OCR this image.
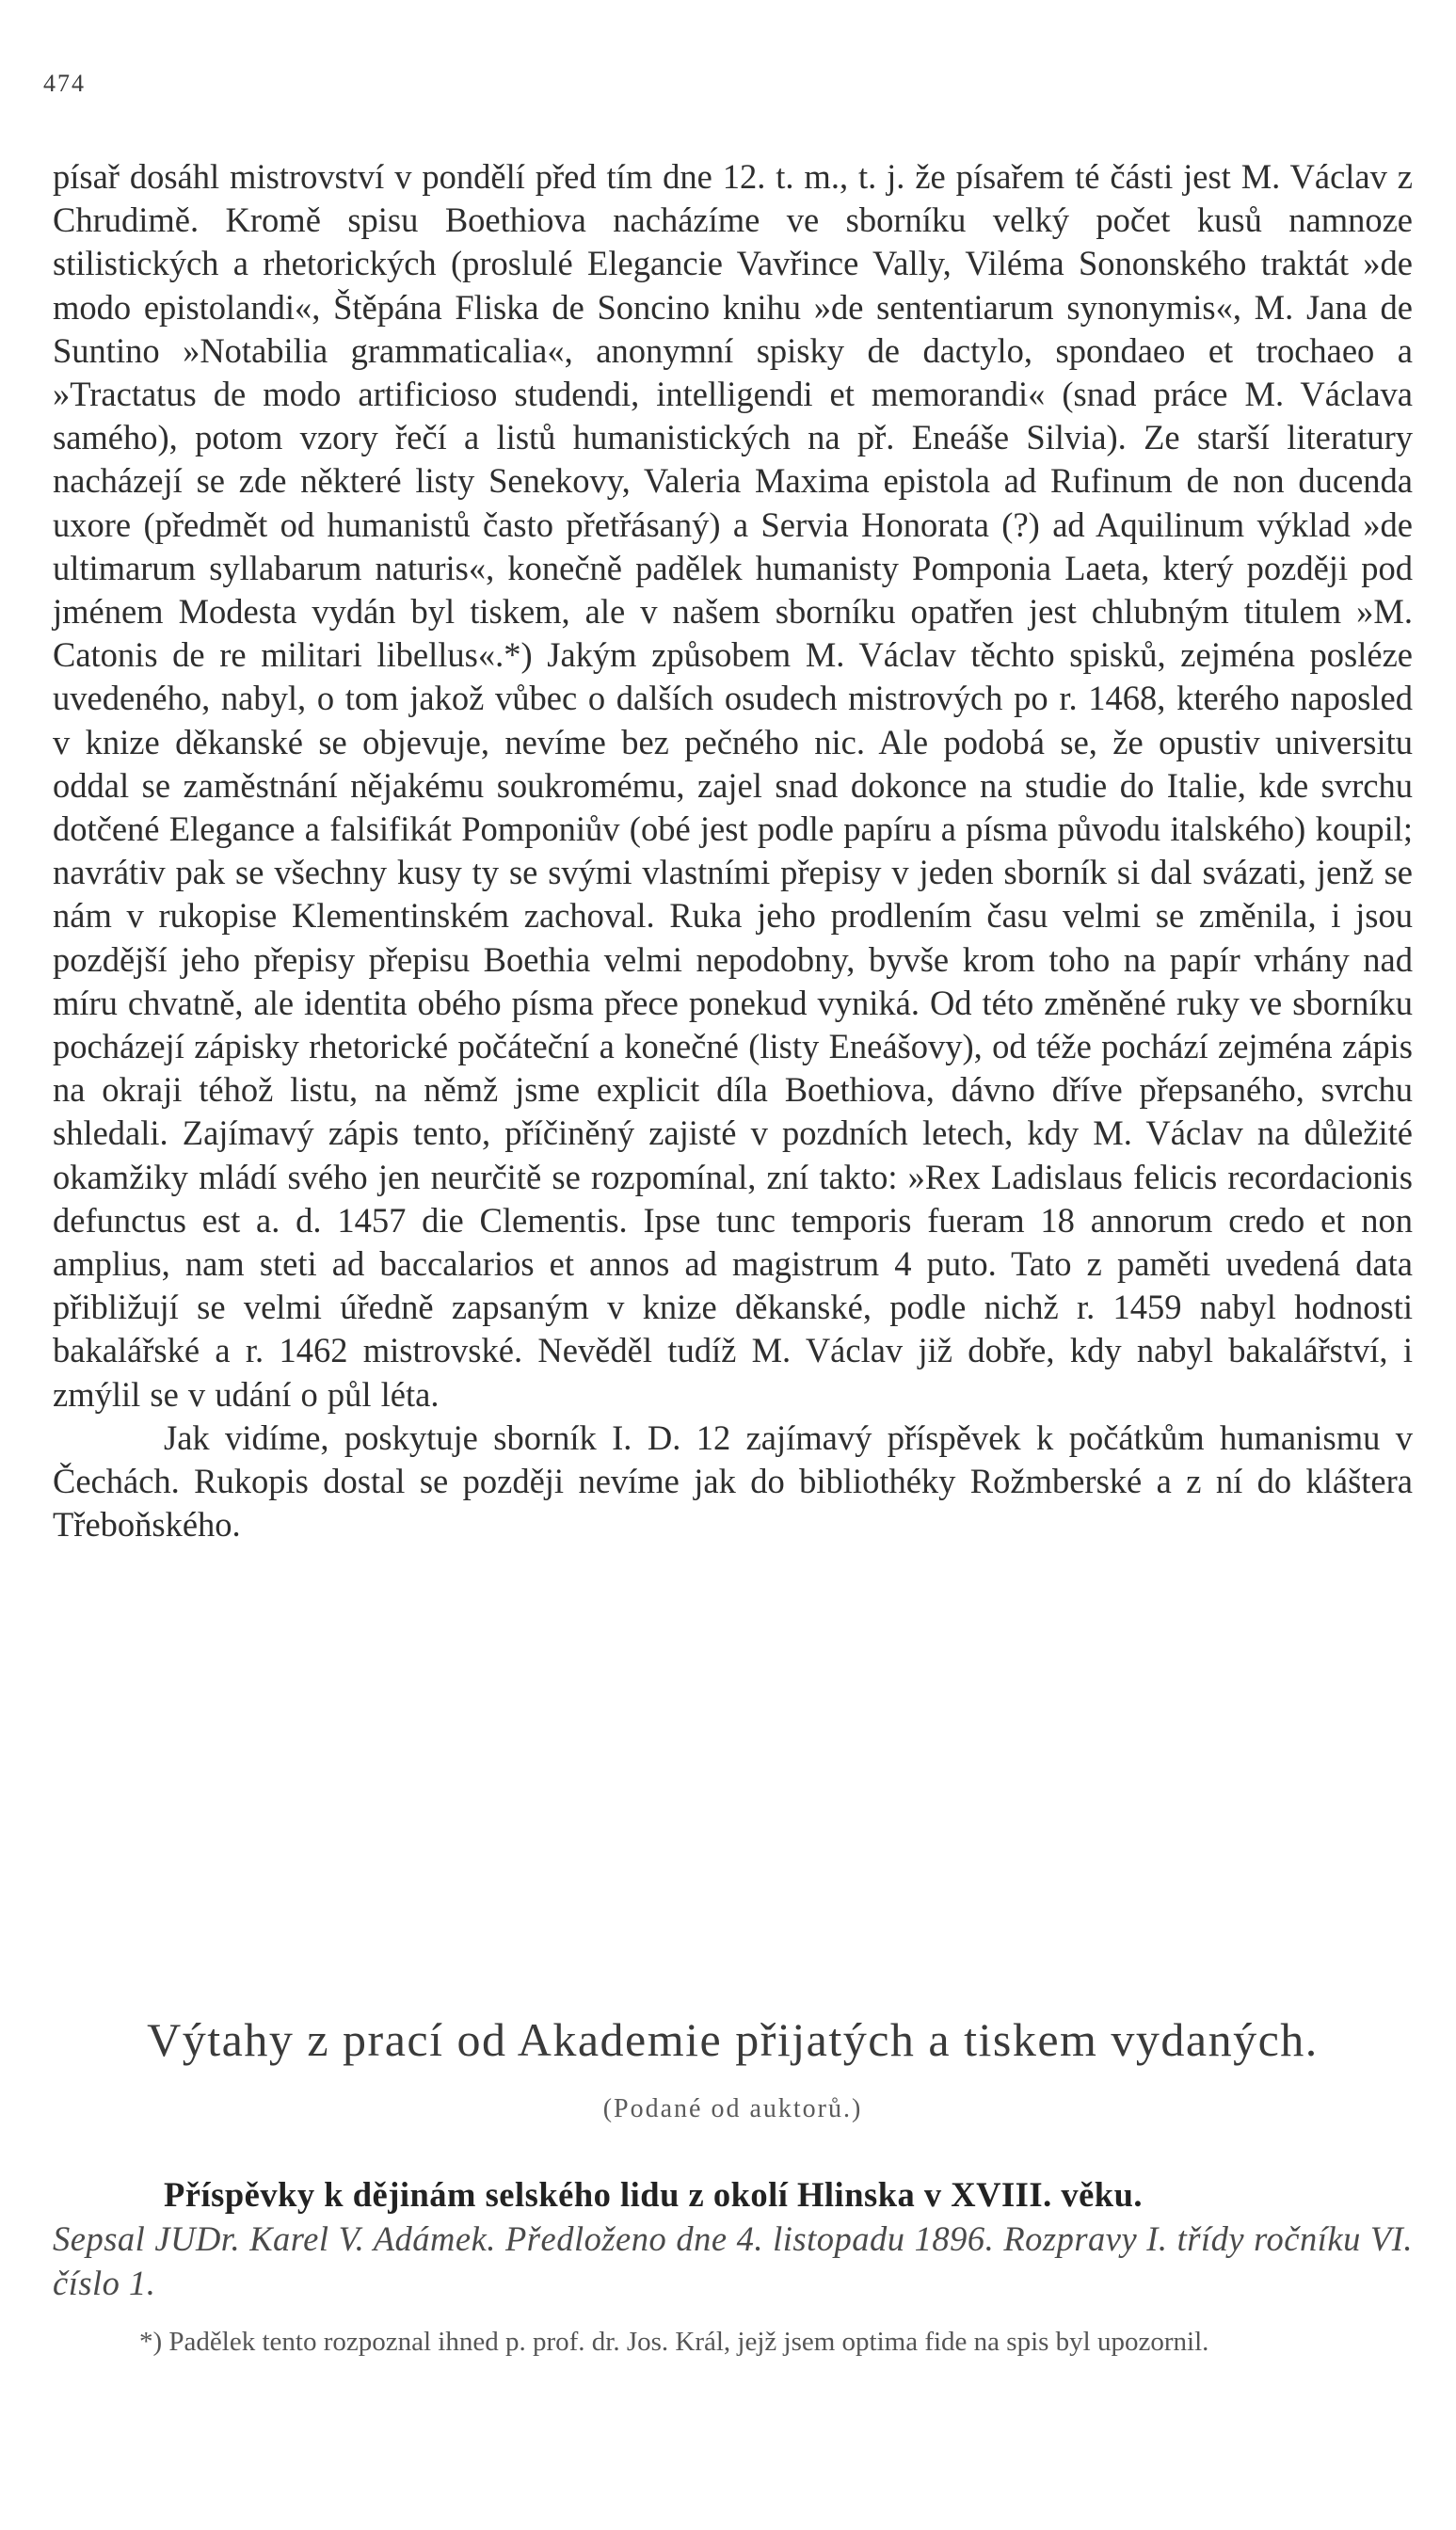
474

písař dosáhl mistrovství v pondělí před tím dne 12. t. m., t. j. že písařem té části jest M. Václav z Chrudimě. Kromě spisu Boethiova nacházíme ve sborníku velký počet kusů namnoze stilistických a rhetorických (proslulé Elegancie Vavřince Vally, Viléma Sononského traktát »de modo epistolandi«, Štěpána Fliska de Soncino knihu »de sententiarum synonymis«, M. Jana de Suntino »Notabilia grammaticalia«, anonymní spisky de dactylo, spondaeo et trochaeo a »Tractatus de modo artificioso studendi, intelligendi et memorandi« (snad práce M. Václava samého), potom vzory řečí a listů humanistických na př. Eneáše Silvia). Ze starší literatury nacházejí se zde některé listy Senekovy, Valeria Maxima epistola ad Rufinum de non ducenda uxore (předmět od humanistů často přetřásaný) a Servia Honorata (?) ad Aquilinum výklad »de ultimarum syllabarum naturis«, konečně padělek humanisty Pomponia Laeta, který později pod jménem Modesta vydán byl tiskem, ale v našem sborníku opatřen jest chlubným titulem »M. Catonis de re militari libellus«.*) Jakým způsobem M. Václav těchto spisků, zejména posléze uvedeného, nabyl, o tom jakož vůbec o dalších osudech mistrových po r. 1468, kterého naposled v knize děkanské se objevuje, nevíme bez pečného nic. Ale podobá se, že opustiv universitu oddal se zaměstnání nějakému soukromému, zajel snad dokonce na studie do Italie, kde svrchu dotčené Elegance a falsifikát Pomponiův (obé jest podle papíru a písma původu italského) koupil; navrátiv pak se všechny kusy ty se svými vlastními přepisy v jeden sborník si dal svázati, jenž se nám v rukopise Klementinském zachoval. Ruka jeho prodlením času velmi se změnila, i jsou pozdější jeho přepisy přepisu Boethia velmi nepodobny, byvše krom toho na papír vrhány nad míru chvatně, ale identita obého písma přece ponekud vyniká. Od této změněné ruky ve sborníku pocházejí zápisky rhetorické počáteční a konečné (listy Eneášovy), od téže pochází zejména zápis na okraji téhož listu, na němž jsme explicit díla Boethiova, dávno dříve přepsaného, svrchu shledali. Zajímavý zápis tento, příčiněný zajisté v pozdních letech, kdy M. Václav na důležité okamžiky mládí svého jen neurčitě se rozpomínal, zní takto: »Rex Ladislaus felicis recordacionis defunctus est a. d. 1457 die Clementis. Ipse tunc temporis fueram 18 annorum credo et non amplius, nam steti ad baccalarios et annos ad magistrum 4 puto. Tato z paměti uvedená data přibližují se velmi úředně zapsaným v knize děkanské, podle nichž r. 1459 nabyl hodnosti bakalářské a r. 1462 mistrovské. Nevěděl tudíž M. Václav již dobře, kdy nabyl bakalářství, i zmýlil se v udání o půl léta.

Jak vidíme, poskytuje sborník I. D. 12 zajímavý příspěvek k počátkům humanismu v Čechách. Rukopis dostal se později nevíme jak do bibliothéky Rožmberské a z ní do kláštera Třeboňského.

Výtahy z prací od Akademie přijatých a tiskem vydaných.
(Podané od auktorů.)

Příspěvky k dějinám selského lidu z okolí Hlinska v XVIII. věku.

Sepsal JUDr. Karel V. Adámek. Předloženo dne 4. listopadu 1896. Rozpravy I. třídy ročníku VI. číslo 1.

*) Padělek tento rozpoznal ihned p. prof. dr. Jos. Král, jejž jsem optima fide na spis byl upozornil.
